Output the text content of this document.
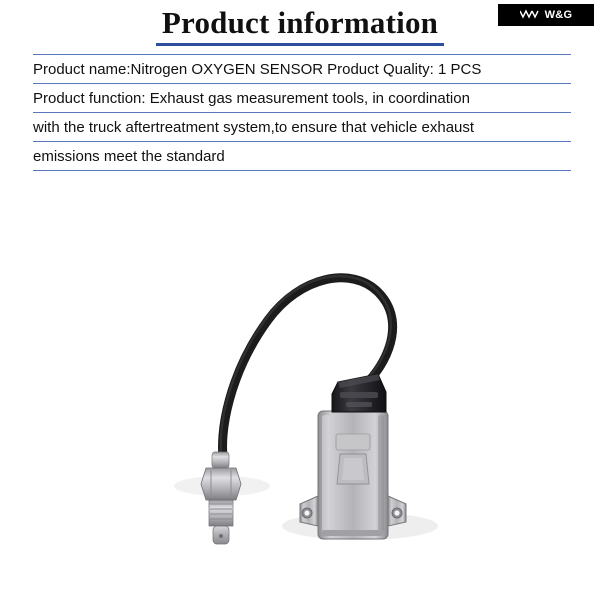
W&G
Product information
Product name:Nitrogen OXYGEN SENSOR Product Quality: 1 PCS
Product function: Exhaust gas measurement tools, in coordination
with the truck aftertreatment system,to ensure that vehicle exhaust
emissions meet the standard
